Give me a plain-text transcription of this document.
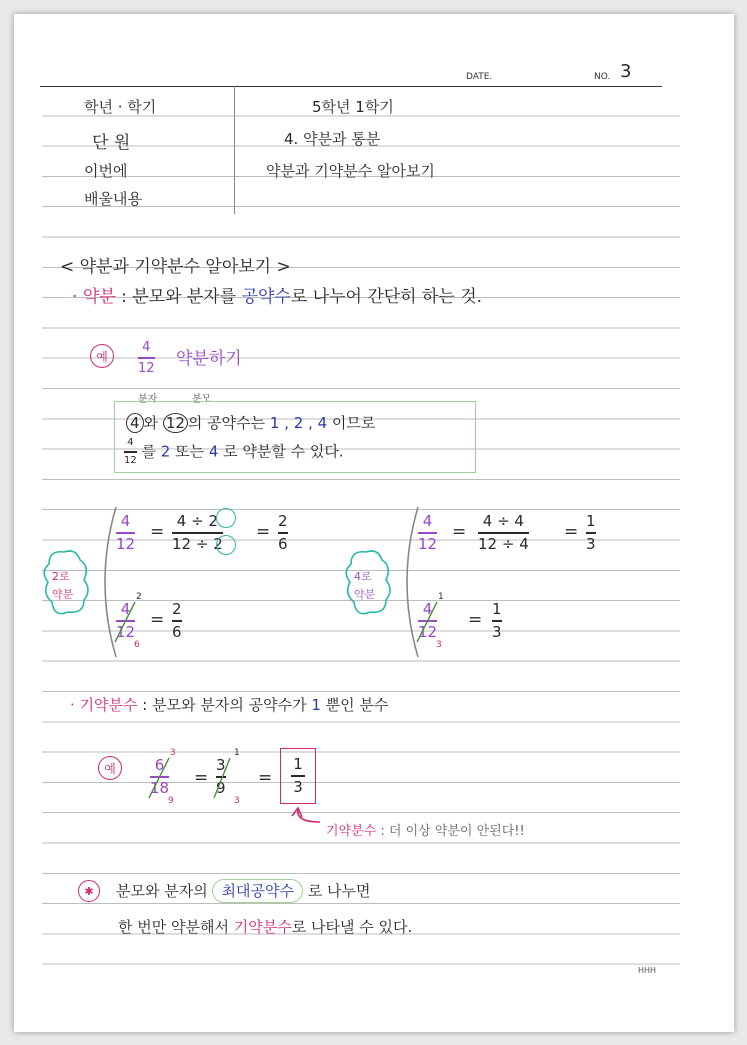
DATE.	NO. 3
학년 · 학기	5학년 1학기
단 원	4. 약분과 통분
이번에	약분과 기약분수 알아보기
배울내용
< 약분과 기약분수 알아보기 >
· 약분 : 분모와 분자를 공약수로 나누어 간단히 하는 것.
예 $\frac{4}{12}$ 약분하기
분자	분모
4 와 12 의 공약수는 1 , 2 , 4 이므로
$\frac{4}{12}$ 를 2 또는 4 로 약분할 수 있다.
2로
약분
$\frac{4}{12} = \frac{4 \div 2}{12 \div 2} = \frac{2}{6}$
$\frac{4}{12}$
2
6
= $\frac{2}{6}$
4로
약분
$\frac{4}{12} = \frac{4 \div 4}{12 \div 4} = \frac{1}{3}$
$\frac{4}{12}$
1
3
= $\frac{1}{3}$
· 기약분수 : 분모와 분자의 공약수가 1 뿐인 분수
예 $\frac{6}{18}$
3
9
= $\frac{3}{9}$
1
3
= $\frac{1}{3}$
기약분수 : 더 이상 약분이 안된다!!
✱ 분모와 분자의 최대공약수 로 나누면
한 번만 약분해서 기약분수로 나타낼 수 있다.
HHH
